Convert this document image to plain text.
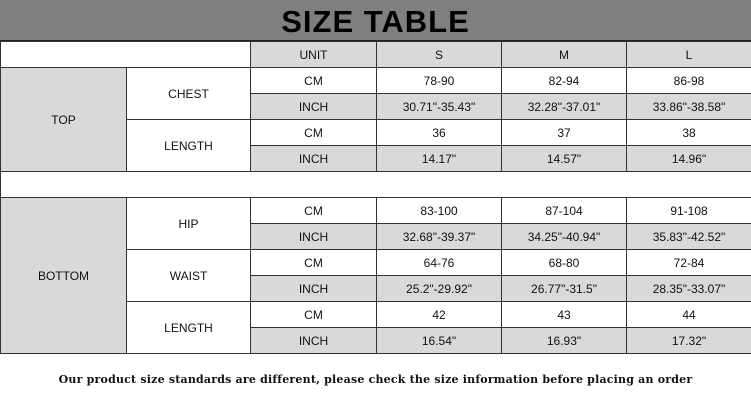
SIZE TABLE
		UNIT	S	M	L
TOP	CHEST	CM	78-90	82-94	86-98
		INCH	30.71"-35.43"	32.28"-37.01"	33.86"-38.58"
	LENGTH	CM	36	37	38
		INCH	14.17"	14.57"	14.96"

BOTTOM	HIP	CM	83-100	87-104	91-108
		INCH	32.68"-39.37"	34.25"-40.94"	35.83"-42.52"
	WAIST	CM	64-76	68-80	72-84
		INCH	25.2"-29.92"	26.77"-31.5"	28.35"-33.07"
	LENGTH	CM	42	43	44
		INCH	16.54"	16.93"	17.32"
Our product size standards are different, please check the size information before placing an order
